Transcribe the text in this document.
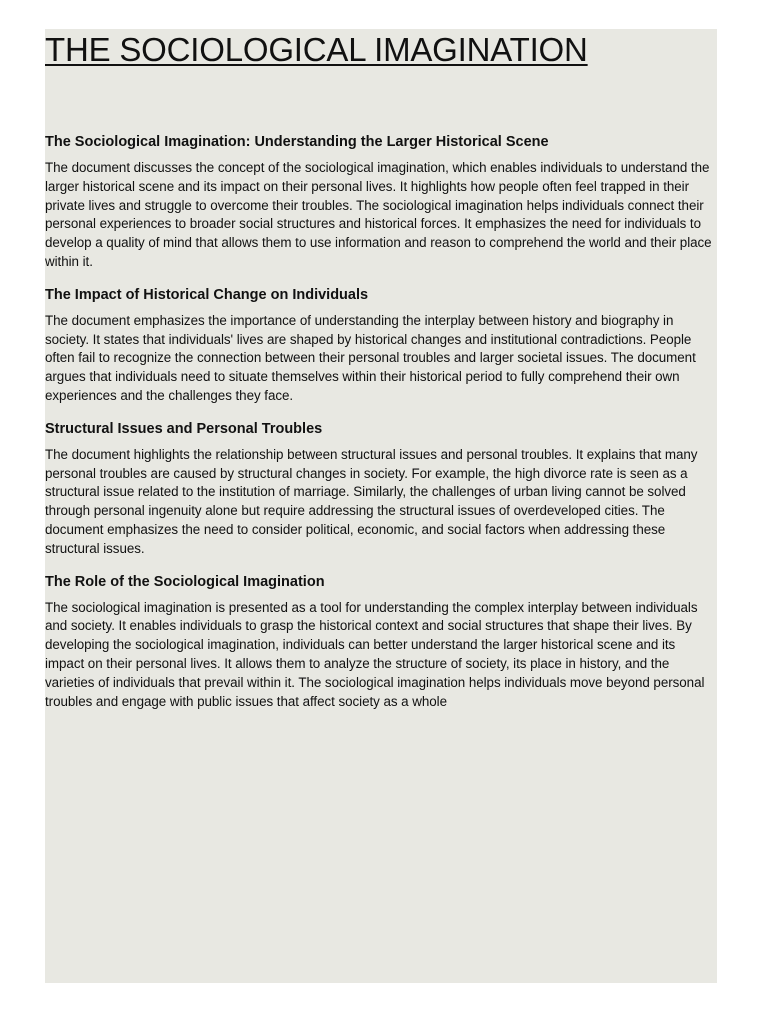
THE SOCIOLOGICAL IMAGINATION
The Sociological Imagination: Understanding the Larger Historical Scene

The document discusses the concept of the sociological imagination, which enables individuals to understand the larger historical scene and its impact on their personal lives. It highlights how people often feel trapped in their private lives and struggle to overcome their troubles. The sociological imagination helps individuals connect their personal experiences to broader social structures and historical forces. It emphasizes the need for individuals to develop a quality of mind that allows them to use information and reason to comprehend the world and their place within it.

The Impact of Historical Change on Individuals

The document emphasizes the importance of understanding the interplay between history and biography in society. It states that individuals' lives are shaped by historical changes and institutional contradictions. People often fail to recognize the connection between their personal troubles and larger societal issues. The document argues that individuals need to situate themselves within their historical period to fully comprehend their own experiences and the challenges they face.

Structural Issues and Personal Troubles

The document highlights the relationship between structural issues and personal troubles. It explains that many personal troubles are caused by structural changes in society. For example, the high divorce rate is seen as a structural issue related to the institution of marriage. Similarly, the challenges of urban living cannot be solved through personal ingenuity alone but require addressing the structural issues of overdeveloped cities. The document emphasizes the need to consider political, economic, and social factors when addressing these structural issues.

The Role of the Sociological Imagination

The sociological imagination is presented as a tool for understanding the complex interplay between individuals and society. It enables individuals to grasp the historical context and social structures that shape their lives. By developing the sociological imagination, individuals can better understand the larger historical scene and its impact on their personal lives. It allows them to analyze the structure of society, its place in history, and the varieties of individuals that prevail within it. The sociological imagination helps individuals move beyond personal troubles and engage with public issues that affect society as a whole
